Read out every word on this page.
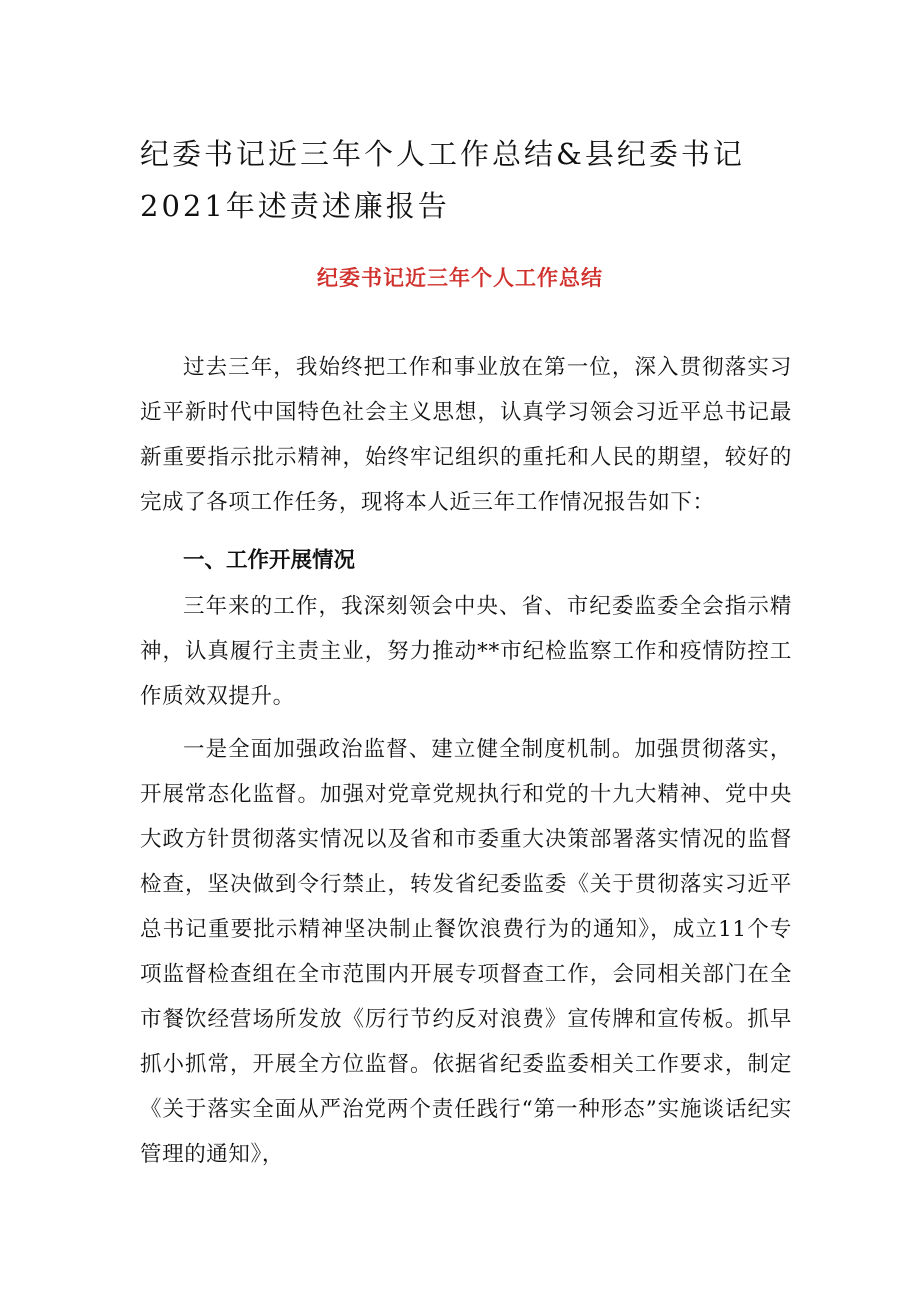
纪委书记近三年个人工作总结&县纪委书记2021年述责述廉报告
纪委书记近三年个人工作总结

过去三年，我始终把工作和事业放在第一位，深入贯彻落实习近平新时代中国特色社会主义思想，认真学习领会习近平总书记最新重要指示批示精神，始终牢记组织的重托和人民的期望，较好的完成了各项工作任务，现将本人近三年工作情况报告如下：

一、工作开展情况

三年来的工作，我深刻领会中央、省、市纪委监委全会指示精神，认真履行主责主业，努力推动**市纪检监察工作和疫情防控工作质效双提升。

一是全面加强政治监督、建立健全制度机制。加强贯彻落实，开展常态化监督。加强对党章党规执行和党的十九大精神、党中央大政方针贯彻落实情况以及省和市委重大决策部署落实情况的监督检查，坚决做到令行禁止，转发省纪委监委《关于贯彻落实习近平总书记重要批示精神坚决制止餐饮浪费行为的通知》，成立11个专项监督检查组在全市范围内开展专项督查工作，会同相关部门在全市餐饮经营场所发放《厉行节约反对浪费》宣传牌和宣传板。抓早抓小抓常，开展全方位监督。依据省纪委监委相关工作要求，制定《关于落实全面从严治党两个责任践行“第一种形态”实施谈话纪实管理的通知》，
